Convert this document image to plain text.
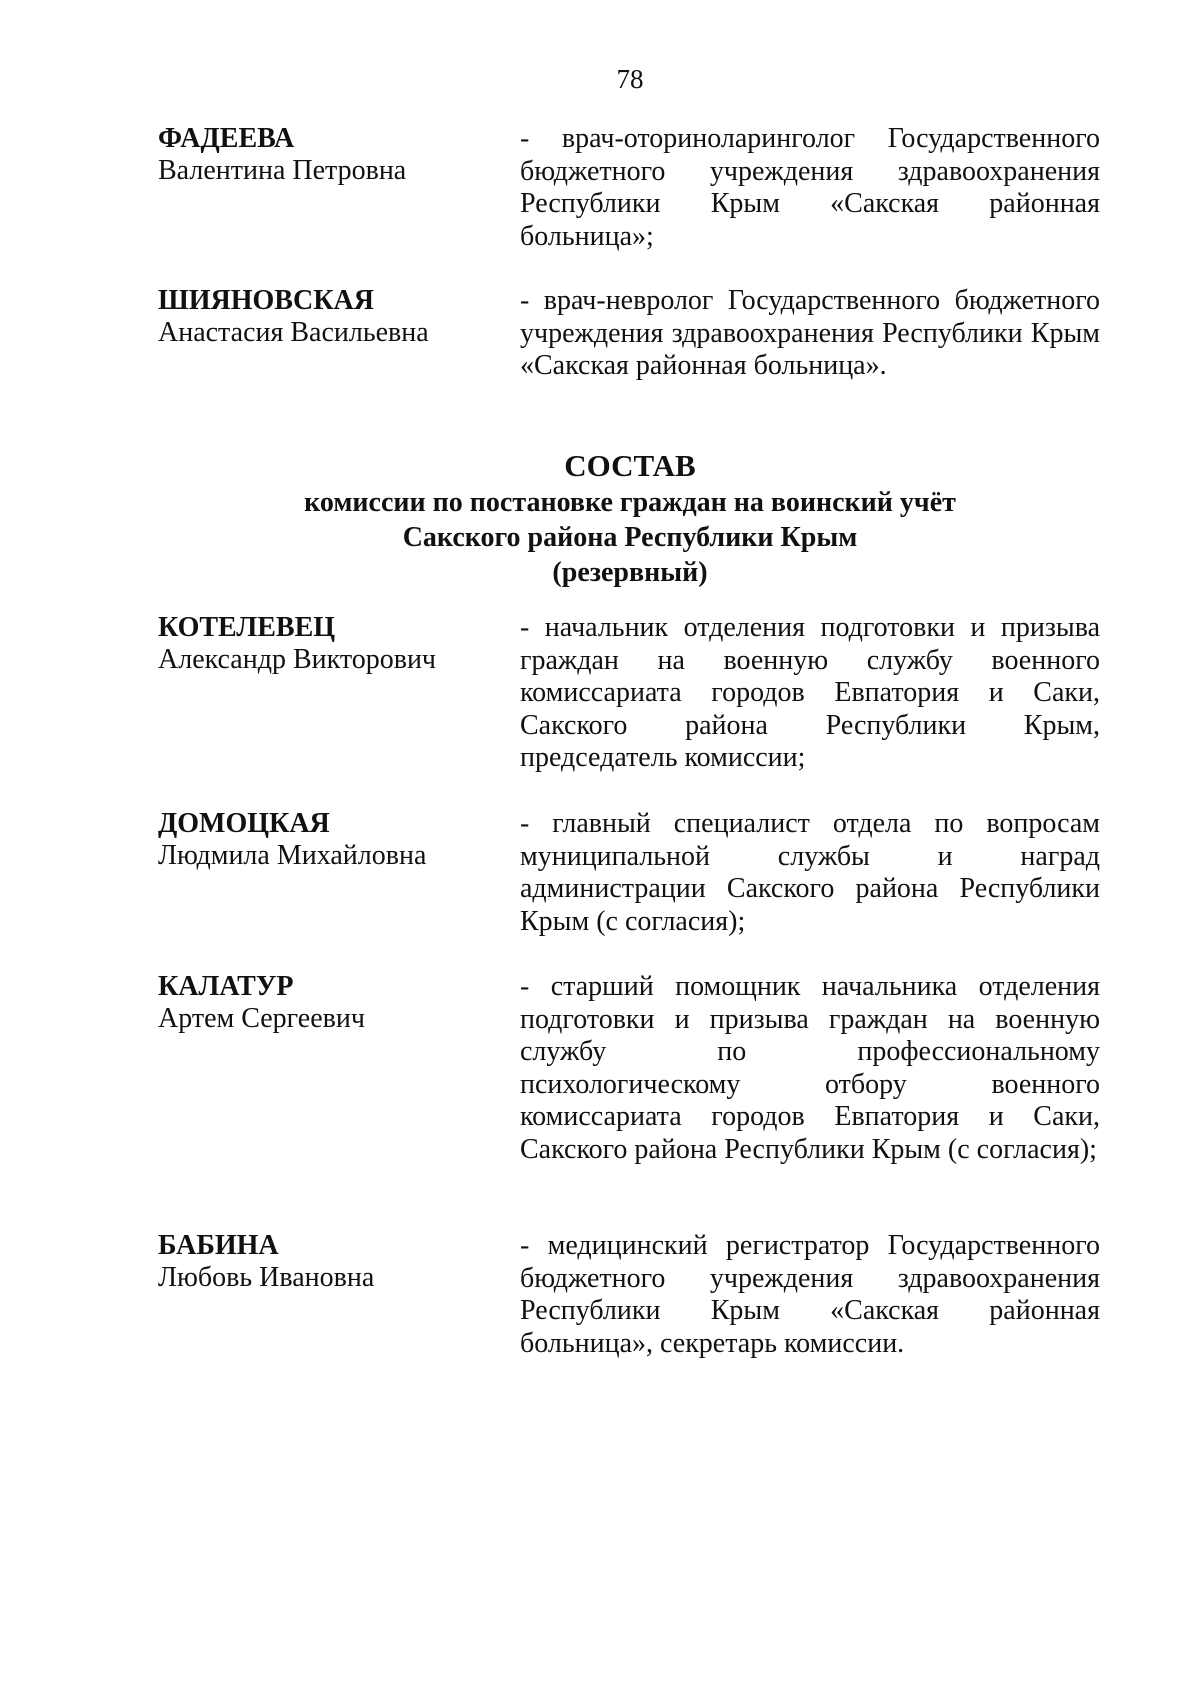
78
ФАДЕЕВА
Валентина Петровна
- врач-оториноларинголог Государственного бюджетного учреждения здравоохранения Республики Крым «Сакская районная больница»;
ШИЯНОВСКАЯ
Анастасия Васильевна
- врач-невролог Государственного бюджетного учреждения здравоохранения Республики Крым «Сакская районная больница».
СОСТАВ
комиссии по постановке граждан на воинский учёт
Сакского района Республики Крым
(резервный)
КОТЕЛЕВЕЦ
Александр Викторович
- начальник отделения подготовки и призыва граждан на военную службу военного комиссариата городов Евпатория и Саки, Сакского района Республики Крым, председатель комиссии;
ДОМОЦКАЯ
Людмила Михайловна
- главный специалист отдела по вопросам муниципальной службы и наград администрации Сакского района Республики Крым (с согласия);
КАЛАТУР
Артем Сергеевич
- старший помощник начальника отделения подготовки и призыва граждан на военную службу по профессиональному психологическому отбору военного комиссариата городов Евпатория и Саки, Сакского района Республики Крым (с согласия);
БАБИНА
Любовь Ивановна
- медицинский регистратор Государственного бюджетного учреждения здравоохранения Республики Крым «Сакская районная больница», секретарь комиссии.
